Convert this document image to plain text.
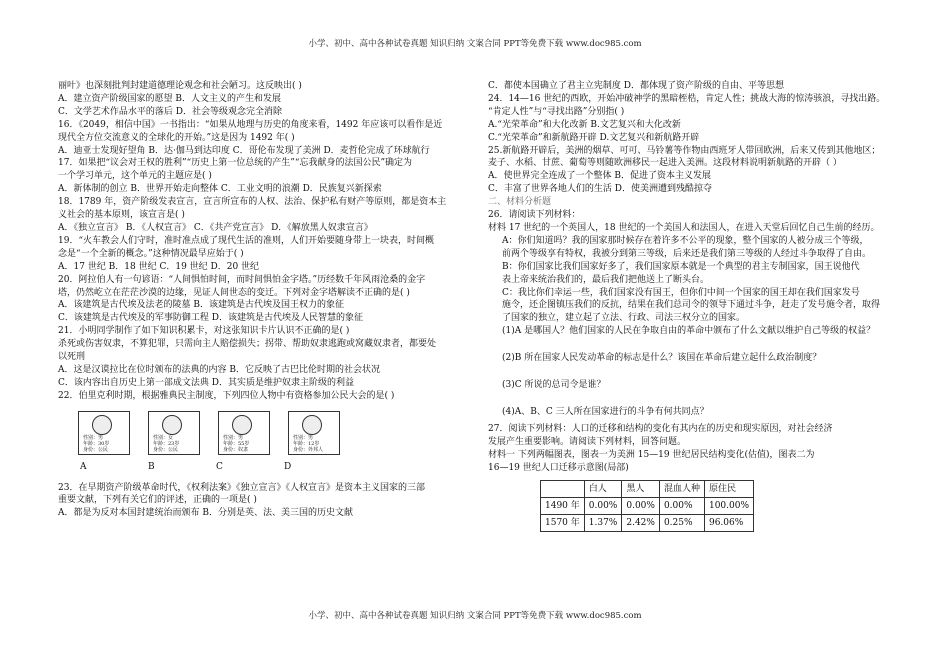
小学、初中、高中各种试卷真题 知识归纳 文案合同 PPT等免费下载 www.doc985.com
丽叶》也深刻批判封建道德理论观念和社会陋习。这反映出( )
A．建立资产阶级国家的愿望 B．人文主义的产生和发展
C．文学艺术作品水平的落后 D．社会等级观念完全消除
16．《2049，相信中国》一书指出：“如果从地理与历史的角度来看，1492 年应该可以看作是近
现代全方位交流意义的全球化的开始。”这是因为 1492 年( )
A．迪亚士发现好望角 B．达·伽马到达印度 C．哥伦布发现了美洲 D．麦哲伦完成了环球航行
17．如果把“议会对王权的胜利”“历史上第一位总统的产生”“忘我献身的法国公民”确定为
一个学习单元，这个单元的主题应是( )
A．新体制的创立 B．世界开始走向整体 C．工业文明的浪潮 D．民族复兴新探索
18．1789 年，资产阶级发表宣言，宣言所宣布的人权、法治、保护私有财产等原则，都是资本主
义社会的基本原则，该宣言是( )
A．《独立宣言》 B．《人权宣言》 C．《共产党宣言》 D．《解放黑人奴隶宣言》
19．“火车教会人们守时，准时准点成了现代生活的准则，人们开始要随身带上一块表，时间概
念是“一个全新的概念。”这种情况最早应始于( )
A．17 世纪 B．18 世纪 C．19 世纪 D．20 世纪
20．阿拉伯人有一句谚语：“人间惧怕时间，而时间惧怕金字塔。”历经数千年风雨沧桑的金字
塔，仍然屹立在茫茫沙漠的边缘，见证人间世态的变迁。下列对金字塔解读不正确的是( )
A．该建筑是古代埃及法老的陵墓 B．该建筑是古代埃及国王权力的象征
C．该建筑是古代埃及的军事防御工程 D．该建筑是古代埃及人民智慧的象征
21．小明同学制作了如下知识积累卡，对这张知识卡片认识不正确的是( )
杀死或伤害奴隶，不算犯罪，只需向主人赔偿损失；拐带、帮助奴隶逃跑或窝藏奴隶者，都要处
以死刑
A．这是汉谟拉比在位时颁布的法典的内容 B．它反映了古巴比伦时期的社会状况
C．该内容出自历史上第一部成文法典 D．其实质是维护奴隶主阶级的利益
22．伯里克利时期，根据雅典民主制度，下列四位人物中有资格参加公民大会的是( )
性别：男
年龄：30岁
身份：公民
性别：女
年龄：23岁
身份：公民
性别：男
年龄：55岁
身份：奴隶
性别：男
年龄：12岁
身份：外邦人
A	B	C	D
23．在早期资产阶级革命时代，《权利法案》《独立宣言》《人权宣言》是资本主义国家的三部
重要文献，下列有关它们的评述，正确的一项是( )
A．都是为反对本国封建统治而颁布 B．分别是英、法、美三国的历史文献
C．都使本国确立了君主立宪制度 D．都体现了资产阶级的自由、平等思想
24．14—16 世纪的西欧，开始冲破神学的黑暗桎梏，肯定人性；挑战大海的惊涛骇浪，寻找出路。
“肯定人性”与“寻找出路”分别指( )
A.“光荣革命”和大化改新 B.文艺复兴和大化改新
C.“光荣革命”和新航路开辟 D.文艺复兴和新航路开辟
25.新航路开辟后，美洲的烟草、可可、马铃薯等作物由西班牙人带回欧洲，后来又传到其他地区；
麦子、水稻、甘蔗、葡萄等则随欧洲移民一起进入美洲。这段材料说明新航路的开辟（ ）
A．使世界完全连成了一个整体 B．促进了资本主义发展
C．丰富了世界各地人们的生活 D．使美洲遭到残酷掠夺
二、材料分析题
26．请阅读下列材料：
材料 17 世纪的一个英国人，18 世纪的一个美国人和法国人，在进入天堂后回忆自己生前的经历。
A：你们知道吗？我的国家那时候存在着许多不公平的现象，整个国家的人被分成三个等级，
前两个等级享有特权，我被分到第三等级，后来还是我们第三等级的人经过斗争取得了自由。
B：你们国家比我们国家好多了，我们国家原本就是一个典型的君主专制国家，国王说他代
表上帝来统治我们的，最后我们把他送上了断头台。
C：我比你们幸运一些，我们国家没有国王，但你们中间一个国家的国王却在我们国家发号
施令，还企图镇压我们的反抗，结果在我们总司令的领导下通过斗争，赶走了发号施令者，取得
了国家的独立，建立起了立法、行政、司法三权分立的国家。
(1)A 是哪国人？他们国家的人民在争取自由的革命中颁布了什么文献以维护自己等级的权益？
(2)B 所在国家人民发动革命的标志是什么？该国在革命后建立起什么政治制度？
(3)C 所说的总司令是谁？
(4)A、B、C 三人所在国家进行的斗争有何共同点？
27．阅读下列材料：人口的迁移和结构的变化有其内在的历史和现实原因，对社会经济
发展产生重要影响。请阅读下列材料，回答问题。
材料一 下列两幅图表，图表一为美洲 15—19 世纪居民结构变化(估值)，图表二为
16—19 世纪人口迁移示意图(局部)
	白人	黑人	混血人种	原住民
1490 年	0.00%	0.00%	0.00%	100.00%
1570 年	1.37%	2.42%	0.25%	96.06%
小学、初中、高中各种试卷真题 知识归纳 文案合同 PPT等免费下载 www.doc985.com
